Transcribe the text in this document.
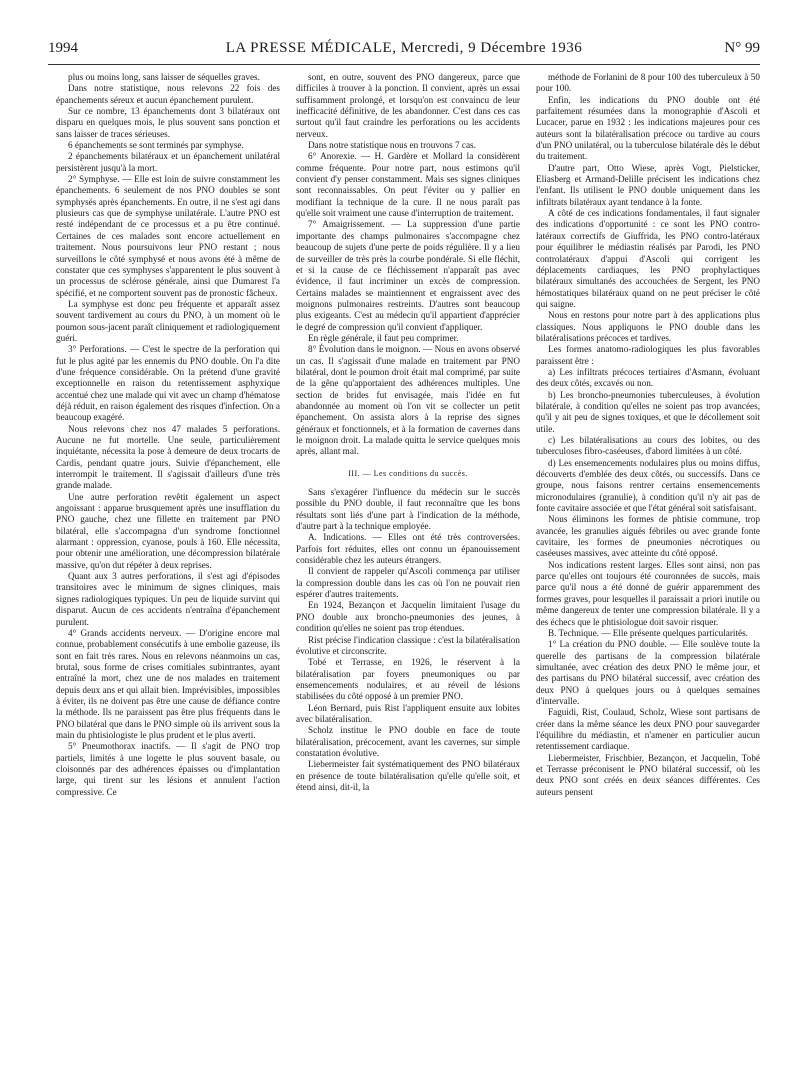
1994	LA PRESSE MÉDICALE, Mercredi, 9 Décembre 1936	N° 99

plus ou moins long, sans laisser de séquelles graves.

Dans notre statistique, nous relevons 22 fois des épanchements séreux et aucun épanchement purulent.

Sur ce nombre, 13 épanchements dont 3 bilatéraux ont disparu en quelques mois, le plus souvent sans ponction et sans laisser de traces sérieuses.

6 épanchements se sont terminés par symphyse.

2 épanchements bilatéraux et un épanchement unilatéral persistèrent jusqu'à la mort.

2° Symphyse. — Elle est loin de suivre constamment les épanchements. 6 seulement de nos PNO doubles se sont symphysés après épanchements. En outre, il ne s'est agi dans plusieurs cas que de symphyse unilatérale. L'autre PNO est resté indépendant de ce processus et a pu être continué. Certaines de ces malades sont encore actuellement en traitement. Nous poursuivons leur PNO restant ; nous surveillons le côté symphysé et nous avons été à même de constater que ces symphyses s'apparentent le plus souvent à un processus de sclérose générale, ainsi que Dumarest l'a spécifié, et ne comportent souvent pas de pronostic fâcheux.

La symphyse est donc peu fréquente et apparaît assez souvent tardivement au cours du PNO, à un moment où le poumon sous-jacent paraît cliniquement et radiologiquement guéri.

3° Perforations. — C'est le spectre de la perforation qui fut le plus agité par les ennemis du PNO double. On l'a dite d'une fréquence considérable. On la prétend d'une gravité exceptionnelle en raison du retentissement asphyxique accentué chez une malade qui vit avec un champ d'hématose déjà réduit, en raison également des risques d'infection. On a beaucoup exagéré.

Nous relevons chez nos 47 malades 5 perforations. Aucune ne fut mortelle. Une seule, particulièrement inquiétante, nécessita la pose à demeure de deux trocarts de Cardis, pendant quatre jours. Suivie d'épanchement, elle interrompit le traitement. Il s'agissait d'ailleurs d'une très grande malade.

Une autre perforation revêtit également un aspect angoissant : apparue brusquement après une insufflation du PNO gauche, chez une fillette en traitement par PNO bilatéral, elle s'accompagna d'un syndrome fonctionnel alarmant : oppression, cyanose, pouls à 160. Elle nécessita, pour obtenir une amélioration, une décompression bilatérale massive, qu'on dut répéter à deux reprises.

Quant aux 3 autres perforations, il s'est agi d'épisodes transitoires avec le minimum de signes cliniques, mais signes radiologiques typiques. Un peu de liquide survint qui disparut. Aucun de ces accidents n'entraîna d'épanchement purulent.

4° Grands accidents nerveux. — D'origine encore mal connue, probablement consécutifs à une embolie gazeuse, ils sont en fait très rares. Nous en relevons néanmoins un cas, brutal, sous forme de crises comitiales subintrantes, ayant entraîné la mort, chez une de nos malades en traitement depuis deux ans et qui allait bien. Imprévisibles, impossibles à éviter, ils ne doivent pas être une cause de défiance contre la méthode. Ils ne paraissent pas être plus fréquents dans le PNO bilatéral que dans le PNO simple où ils arrivent sous la main du phtisiologiste le plus prudent et le plus averti.

5° Pneumothorax inactifs. — Il s'agit de PNO trop partiels, limités à une logette le plus souvent basale, ou cloisonnés par des adhérences épaisses ou d'implantation large, qui tirent sur les lésions et annulent l'action compressive. Ce

sont, en outre, souvent des PNO dangereux, parce que difficiles à trouver à la ponction. Il convient, après un essai suffisamment prolongé, et lorsqu'on est convaincu de leur inefficacité définitive, de les abandonner. C'est dans ces cas surtout qu'il faut craindre les perforations ou les accidents nerveux.

Dans notre statistique nous en trouvons 7 cas.

6° Anorexie. — H. Gardère et Mollard la considèrent comme fréquente. Pour notre part, nous estimons qu'il convient d'y penser constamment. Mais ses signes cliniques sont reconnaissables. On peut l'éviter ou y pallier en modifiant la technique de la cure. Il ne nous paraît pas qu'elle soit vraiment une cause d'interruption de traitement.

7° Amaigrissement. — La suppression d'une partie importante des champs pulmonaires s'accompagne chez beaucoup de sujets d'une perte de poids régulière. Il y a lieu de surveiller de très près la courbe pondérale. Si elle fléchit, et si la cause de ce fléchissement n'apparaît pas avec évidence, il faut incriminer un excès de compression. Certains malades se maintiennent et engraissent avec des moignons pulmonaires restreints. D'autres sont beaucoup plus exigeants. C'est au médecin qu'il appartient d'apprécier le degré de compression qu'il convient d'appliquer.

En règle générale, il faut peu comprimer.

8° Évolution dans le moignon. — Nous en avons observé un cas. Il s'agissait d'une malade en traitement par PNO bilatéral, dont le poumon droit était mal comprimé, par suite de la gêne qu'apportaient des adhérences multiples. Une section de brides fut envisagée, mais l'idée en fut abandonnée au moment où l'on vit se collecter un petit épanchement. On assista alors à la reprise des signes généraux et fonctionnels, et à la formation de cavernes dans le moignon droit. La malade quitta le service quelques mois après, allant mal.

III. — Les conditions du succès.

Sans s'exagérer l'influence du médecin sur le succès possible du PNO double, il faut reconnaître que les bons résultats sont liés d'une part à l'indication de la méthode, d'autre part à la technique employée.

A. Indications. — Elles ont été très controversées. Parfois fort réduites, elles ont connu un épanouissement considérable chez les auteurs étrangers.

Il convient de rappeler qu'Ascoli commença par utiliser la compression double dans les cas où l'on ne pouvait rien espérer d'autres traitements.

En 1924, Bezançon et Jacquelin limitaient l'usage du PNO double aux broncho-pneumonies des jeunes, à condition qu'elles ne soient pas trop étendues.

Rist précise l'indication classique : c'est la bilatéralisation évolutive et circonscrite.

Tobé et Terrasse, en 1926, le réservent à la bilatéralisation par foyers pneumoniques ou par ensemencements nodulaires, et au réveil de lésions stabilisées du côté opposé à un premier PNO.

Léon Bernard, puis Rist l'appliquent ensuite aux lobites avec bilatéralisation.

Scholz institue le PNO double en face de toute bilatéralisation, précocement, avant les cavernes, sur simple constatation évolutive.

Liebermeister fait systématiquement des PNO bilatéraux en présence de toute bilatéralisation qu'elle qu'elle soit, et étend ainsi, dit-il, la

méthode de Forlanini de 8 pour 100 des tuberculeux à 50 pour 100.

Enfin, les indications du PNO double ont été parfaitement résumées dans la monographie d'Ascoli et Lucacer, parue en 1932 : les indications majeures pour ces auteurs sont la bilatéralisation précoce ou tardive au cours d'un PNO unilatéral, ou la tuberculose bilatérale dès le début du traitement.

D'autre part, Otto Wiese, après Vogt, Pielsticker, Eliasberg et Armand-Delille précisent les indications chez l'enfant. Ils utilisent le PNO double uniquement dans les infiltrats bilatéraux ayant tendance à la fonte.

A côté de ces indications fondamentales, il faut signaler des indications d'opportunité : ce sont les PNO contro-latéraux correctifs de Giuffrida, les PNO contro-latéraux pour équilibrer le médiastin réalisés par Parodi, les PNO controlatéraux d'appui d'Ascoli qui corrigent les déplacements cardiaques, les PNO prophylactiques bilatéraux simultanés des accouchées de Sergent, les PNO hémostatiques bilatéraux quand on ne peut préciser le côté qui saigne.

Nous en restons pour notre part à des applications plus classiques. Nous appliquons le PNO double dans les bilatéralisations précoces et tardives.

Les formes anatomo-radiologiques les plus favorables paraissent être :

a) Les infiltrats précoces tertiaires d'Asmann, évoluant des deux côtés, excavés ou non.

b) Les broncho-pneumonies tuberculeuses, à évolution bilatérale, à condition qu'elles ne soient pas trop avancées, qu'il y ait peu de signes toxiques, et que le décollement soit utile.

c) Les bilatéralisations au cours des lobites, ou des tuberculoses fibro-caséeuses, d'abord limitées à un côté.

d) Les ensemencements nodulaires plus ou moins diffus, découverts d'emblée des deux côtés, ou successifs. Dans ce groupe, nous faisons rentrer certains ensemencements micronodulaires (granulie), à condition qu'il n'y ait pas de fonte cavitaire associée et que l'état général soit satisfaisant.

Nous éliminons les formes de phtisie commune, trop avancée, les granulies aiguës fébriles ou avec grande fonte cavitaire, les formes de pneumonies nécrotiques ou caséeuses massives, avec atteinte du côté opposé.

Nos indications restent larges. Elles sont ainsi, non pas parce qu'elles ont toujours été couronnées de succès, mais parce qu'il nous a été donné de guérir apparemment des formes graves, pour lesquelles il paraissait a priori inutile ou même dangereux de tenter une compression bilatérale. Il y a des échecs que le phtisiologue doit savoir risquer.

B. Technique. — Elle présente quelques particularités.

1° La création du PNO double. — Elle soulève toute la querelle des partisans de la compression bilatérale simultanée, avec création des deux PNO le même jour, et des partisans du PNO bilatéral successif, avec création des deux PNO à quelques jours ou à quelques semaines d'intervalle.

Faguidi, Rist, Coulaud, Scholz, Wiese sont partisans de créer dans la même séance les deux PNO pour sauvegarder l'équilibre du médiastin, et n'amener en particulier aucun retentissement cardiaque.

Liebermeister, Frischbier, Bezançon, et Jacquelin, Tobé et Terrasse préconisent le PNO bilatéral successif, où les deux PNO sont créés en deux séances différentes. Ces auteurs pensent
